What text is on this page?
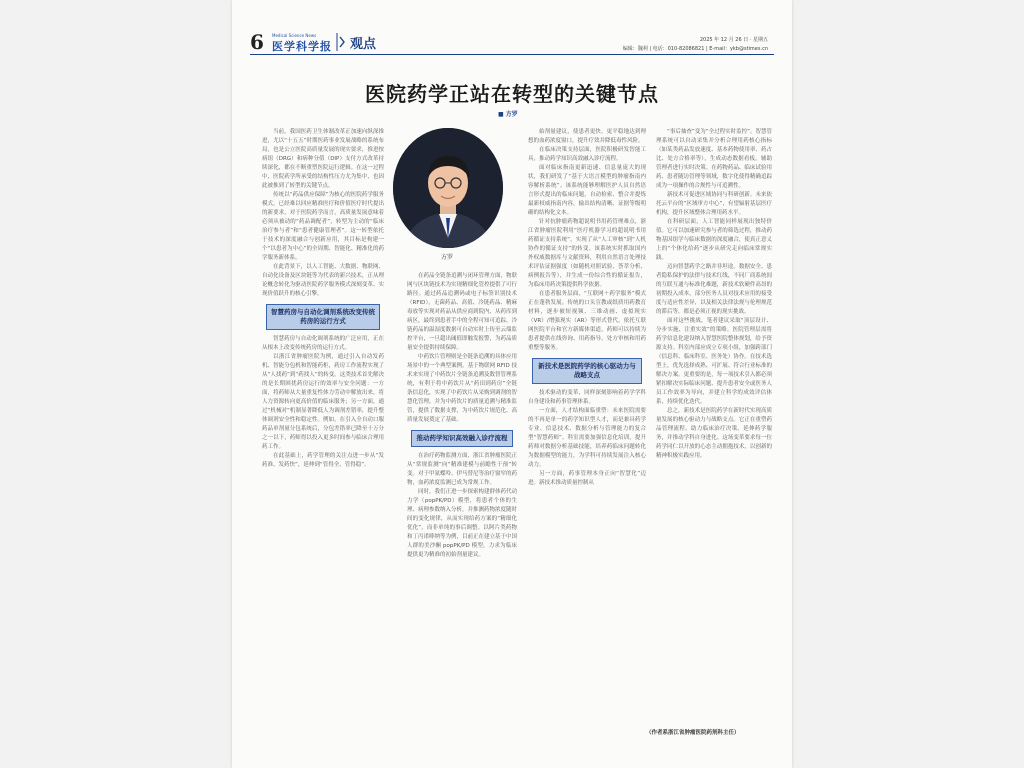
6 Medical Science News
医学科学报 观点	2025 年 12 月 26 日 · 星期五
编辑：魏利 | 电话：010-82086821 | E-mail：ykb@stimes.cn
医院药学正站在转型的关键节点
■ 方罗
方罗

当前，我国医药卫生体制改革正加速向纵深推进，尤以“十五五”时期医药事业发展战略的系统布局，也是公立医院高质量发展的现实要求，推进按病组（DRG）和病种分值（DIP）支付方式改革持续深化，都在不断重塑医院运行逻辑。在这一过程中，医院药学所承受的结构性压力尤为集中，也因此被推到了转型的关键节点。

传统以“药品供应保障”为核心的医院药学服务模式，已经难以回应精准医疗和价值医疗时代提出的新要求，对于医院药学而言，高质量发展意味着必须从被动的“药品调配者”，转型为主动的“临床治疗参与者”和“患者健康管理者”。这一转型依托于技术的深度融合与创新应用，其目标是构建一个“以患者为中心”的全周期、智能化、精准化的药学服务新体系。

在此背景下，以人工智能、大数据、物联网、自动化设备及区块链等为代表的新兴技术，正从理论概念转化为驱动医院药学服务模式深刻变革、实现价值跃升的核心引擎。

智慧药房与自动化调剂系统改变传统药房的运行方式

智慧药房与自动化调剂系统的广泛应用，正在从根本上改变传统药房的运行方式。

以浙江省肿瘤医院为例，通过引入自动发药机、智能分包机和智能药柜，药房工作流程实现了从“人找药”到“药找人”的转变。这类技术首先解决的是长期困扰药房运行的效率与安全问题：一方面，将药师从大量重复性体力劳动中解放出来，将人力资源转向更高价值的临床服务；另一方面，通过“机械对”机制显著降低人为调剂差错率，提升整体调剂安全性和稳定性。例如，在引入全自动口服药品单剂量分包系统后，分包差错率已降至十万分之一以下，药师得以投入更多时间参与临床合理用药工作。

在此基础上，药学管理的关注点进一步从“发药准、发药快”，延伸到“管得全、管得稳”。

在药品全链条追溯与闭环管理方面，物联网与区块链技术为实现精细化管控提供了可行路径。通过药品追溯码或电子标签识别技术（RFID），无菌药品、高值、冷链药品、精麻毒放等实现对药品从供应商到院内、从药库到病区，最终到患者手中的全程可知可追踪。冷链药品的温湿度数据可自动实时上传至云端监控平台，一旦超出阈值即触发报警，为药品质量安全提供持续保障。

中药饮片管理则是全链条追溯的具体应用场景中的一个典型案例。基于物联网 RFID 技术来实现了中药饮片全链条追溯及数智管理系统，有利于将中药饮片从“药田到药房”全链条信息化，实现了中药饮片从采购到调剂的智慧化管理，并为中药饮片的质量追溯与精准监管，提供了数据支撑，为中药饮片规范化、高质量发展奠定了基础。

推动药学知识高效融入诊疗流程

在治疗药物监测方面，浙江省肿瘤医院正从“常规监测”向“精准建模与前瞻性干预”转变。对于甲氨蝶呤、伊马替尼等治疗窗窄的药物，血药浓度监测已成为常规工作。

同时，我们正进一步探索构建群体药代动力学（popPK/PD）模型，将患者个体的生理、病理参数纳入分析，并推测药物浓度随时间的变化规律，从而实现给药方案的“精细化优化”，而非单纯的事后调整。以阿片类药物和丁丙诺啡纳等为例，目前正在建立基于中国人群的美沙酮 popPK/PD 模型，力求为临床提供更为精准的初始剂量建议。

始剂量建议，使患者更快、更平稳地达到理想的血药浓度窗口，提升疗效并降低毒性风险。

在临床决策支持层面，医院积极研发智能工具，推动药学知识高效融入诊疗流程。

面对临床指南更新迅速、信息量庞大的现状，我们研发了“基于大语言模型的肿瘤指南内容解析系统”。该系统能够理解医护人员自然语言形式提出的临床问题，自动检索、整合并提炼最新权威指南内容，输出结构清晰、证据等级明确的结构化文本。

针对抗肿瘤药物超说明书用药管理难点，浙江省肿瘤医院利用“医疗机器学习的超说明书用药循证支持系统”，实现了从“人工审核”到“人机协作的循证支持”的转变。该系统实时抓取国内外权威数据库与文献资料，利用自然语言处理技术评估证据强度（如随机对照试验、荟萃分析、病例报告等），并生成一份综合性的循证报告，为临床用药决策提供科学依据。

在患者服务层面，“互联网＋药学服务”模式正在蓬勃发展。传统的口头宣教或纸质用药教育材料，逐步被短视频、三维动画、虚拟现实（VR）/增强现实（AR）等形式替代。依托互联网医院平台和官方新媒体渠道，药师可以持续为患者提供在线咨询、用药指导、处方审核和用药重整等服务。

新技术是医院药学的核心驱动力与战略支点

技术驱动的变革，同样深刻影响着药学学科自身建设和药事管理体系。

一方面，人才结构面临重塑：未来医院需要的不再是单一的药学知识型人才，而是兼具药学专业、信息技术、数据分析与管理能力的复合型“智慧药师”。科室需要加强信息化培训，提升药师对数据分析基础技能，培养药临床问题转化为数据模型的能力，为学科可持续发展注入核心动力。

另一方面，药事管理本身正向“智慧化”迈进。新技术推动质量控制从

“事后抽查”变为“全过程实时监控”。智慧管理系统可以自动采集并分析合理用药核心指标（如某类药品发放速度、基本药物使用率、药占比、处方合格率等），生成动态数据看板，辅助管理者进行实时决策。在药物药品、临床试验用药、患者随访管理等领域，数字化使得精确追踪成为一项操作的合规性与可追溯性。

新技术可促进区域协同与科研创新。未来依托云平台的“区域审方中心”，有望辐射基层医疗机构，提升区域整体合理用药水平。

在科研层面，人工智能同样展现出独特价值。它可以加速研究参与者的筛选过程，推动药物基因组学与临床数据的深度融合，使真正意义上的“个体化给药”逐步从研究走向临床常规实践。

迈向智慧药学之路并非坦途。数据安全、患者隐私保护的法律与技术红线，不同厂商系统间的互联互通与标准化难题，新技术软硬件高昂的初期投入成本，部分医务人员对技术应用的接受度与适应性差异，以及相关法律法规与伦理规范的滞后等，都是必须正视的现实挑战。

面对这些挑战，笔者建议采取“顶层设计、分步实施、注重实效”的策略。医院管理层需将药学信息化建设纳入智慧医院整体规划，给予资源支持。科室内部应成立专项小组，加强跨部门（信息科、临床科室、医务处）协作。在技术选型上，优先选择成熟、可扩展、符合行业标准的解决方案。更重要的是，每一项技术引入都必须紧扣解决实际临床问题、提升患者安全或医务人员工作效率为导向，并建立科学的成效评估体系，持续优化迭代。

总之，新技术是医院药学在新时代实现高质量发展的核心驱动力与战略支点。它正在重塑药品管理流程、助力临床治疗决策、延伸药学服务，并推动学科自身进化。这场变革要求每一位药学同仁以开放的心态主动拥抱技术，以创新的精神积极实践应用。

（作者系浙江省肿瘤医院药剂科主任）
